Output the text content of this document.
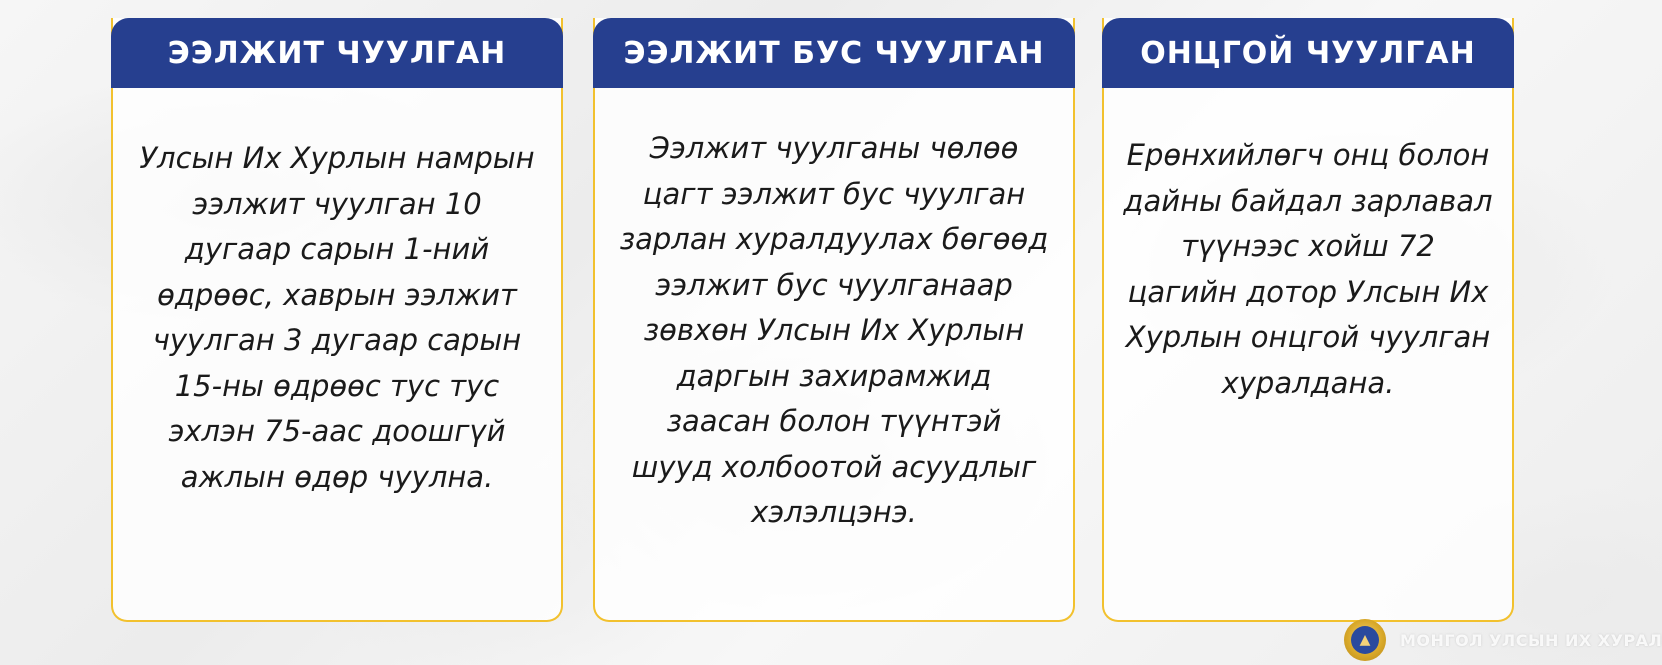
ЭЭЛЖИТ ЧУУЛГАН
Улсын Их Хурлын намрын
ээлжит чуулган 10
дугаар сарын 1-ний
өдрөөс, хаврын ээлжит
чуулган 3 дугаар сарын
15-ны өдрөөс тус тус
эхлэн 75-аас доошгүй
ажлын өдөр чуулна.
ЭЭЛЖИТ БУС ЧУУЛГАН
Ээлжит чуулганы чөлөө
цагт ээлжит бус чуулган
зарлан хуралдуулах бөгөөд
ээлжит бус чуулганаар
зөвхөн Улсын Их Хурлын
даргын захирамжид
заасан болон түүнтэй
шууд холбоотой асуудлыг
хэлэлцэнэ.
ОНЦГОЙ ЧУУЛГАН
Ерөнхийлөгч онц болон
дайны байдал зарлавал
түүнээс хойш 72
цагийн дотор Улсын Их
Хурлын онцгой чуулган
хуралдана.
▲	МОНГОЛ УЛСЫН ИХ ХУРАЛ
